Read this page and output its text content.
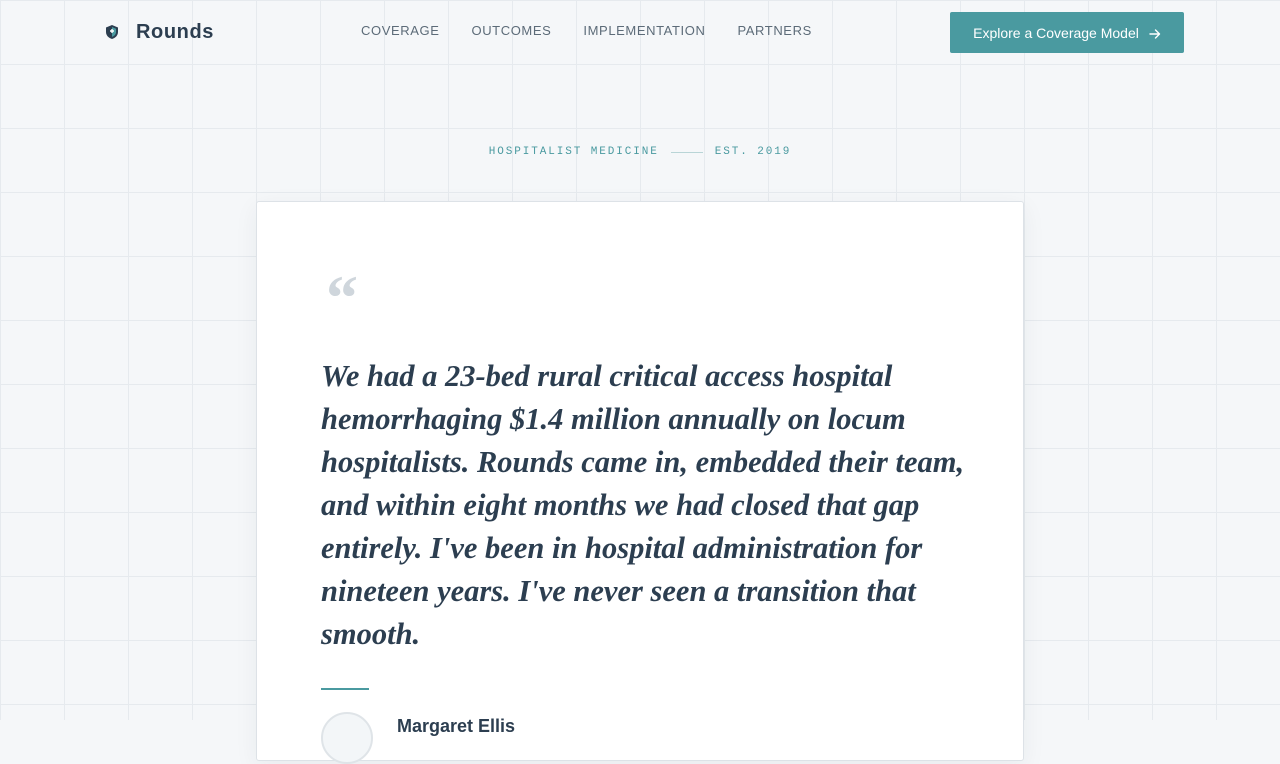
Rounds	COVERAGE OUTCOMES IMPLEMENTATION PARTNERS	Explore a Coverage Model
HOSPITALIST MEDICINE	EST. 2019
“

We had a 23-bed rural critical access hospital hemorrhaging $1.4 million annually on locum hospitalists. Rounds came in, embedded their team, and within eight months we had closed that gap entirely. I've been in hospital administration for nineteen years. I've never seen a transition that smooth.

Margaret Ellis
